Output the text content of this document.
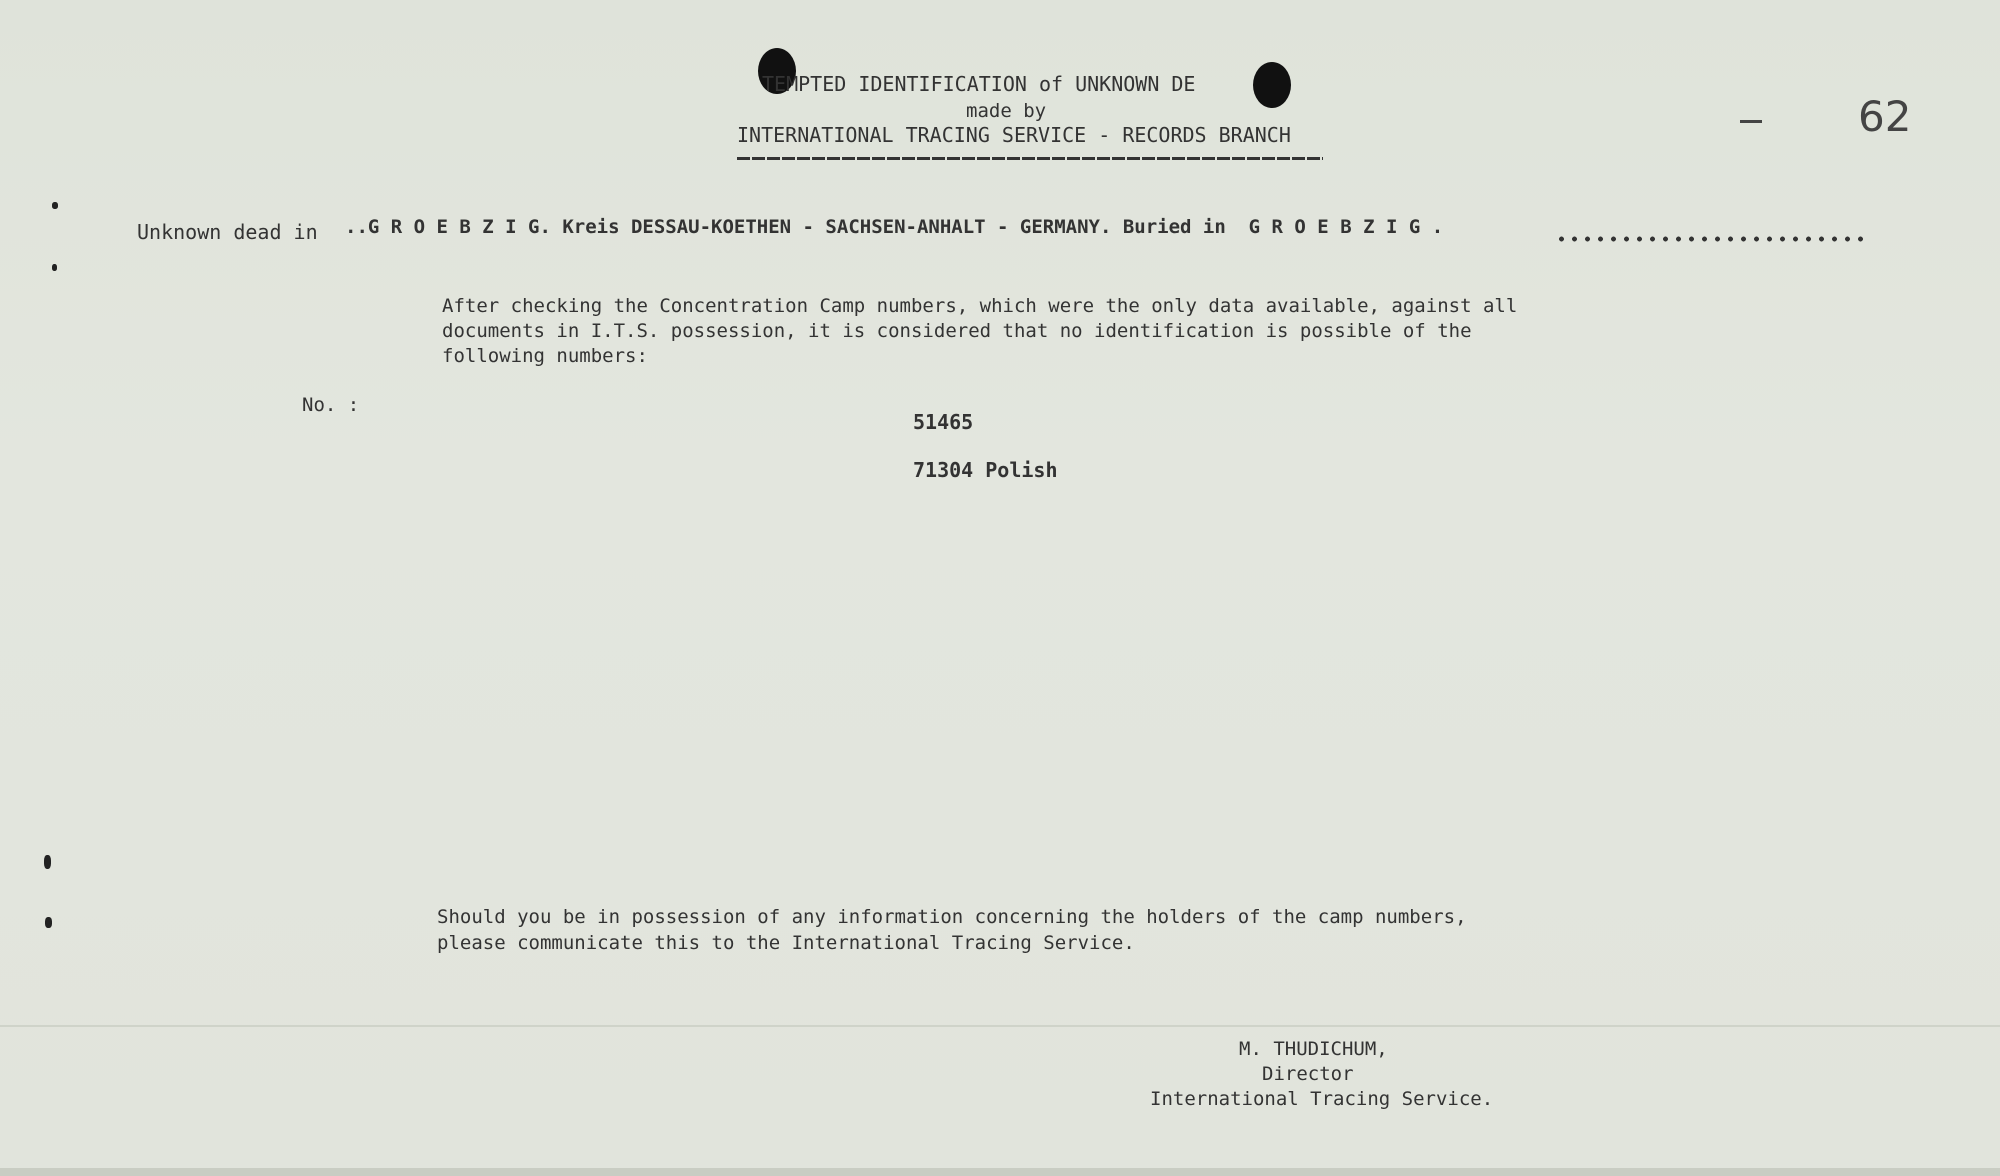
TEMPTED IDENTIFICATION of UNKNOWN DE
made by
INTERNATIONAL TRACING SERVICE - RECORDS BRANCH	62
Unknown dead in ..G R O E B Z I G. Kreis DESSAU-KOETHEN - SACHSEN-ANHALT - GERMANY. Buried in  G R O E B Z I G .
After checking the Concentration Camp numbers, which were the only data available, against all
documents in I.T.S. possession, it is considered that no identification is possible of the
following numbers:
No. :
51465
71304 Polish
Should you be in possession of any information concerning the holders of the camp numbers,
please communicate this to the International Tracing Service.
M. THUDICHUM,
Director
International Tracing Service.
